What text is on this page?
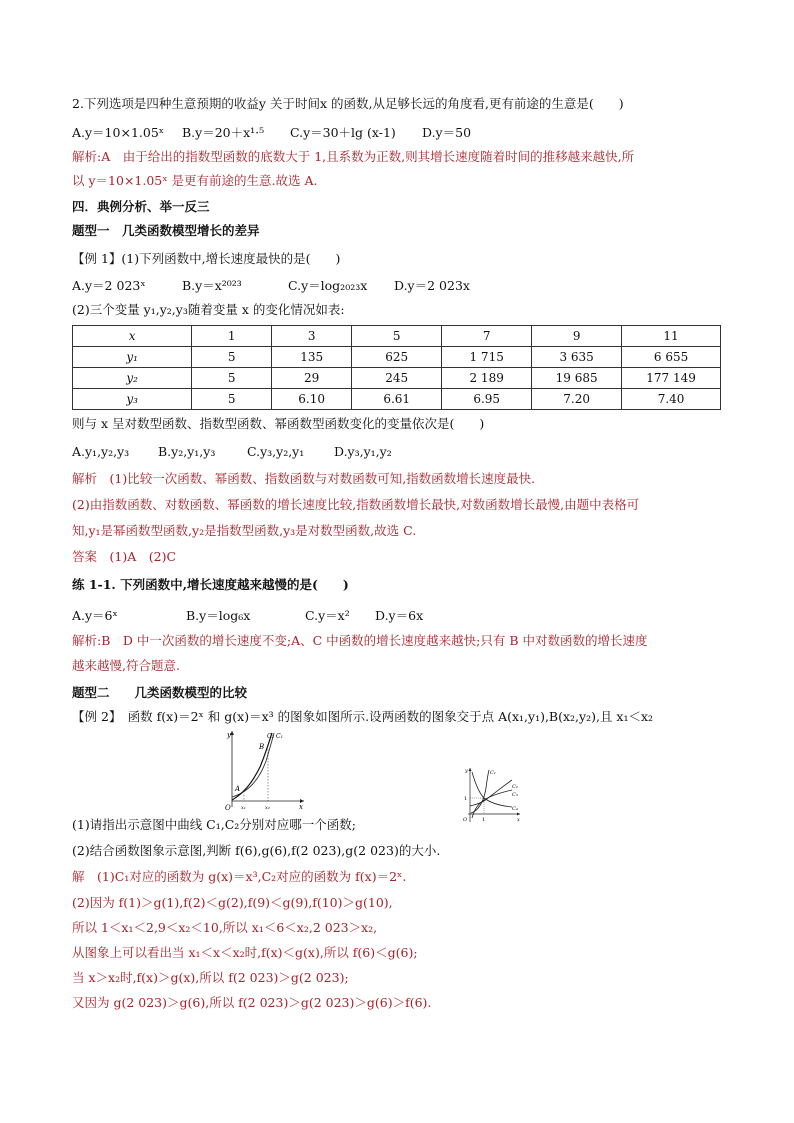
2.下列选项是四种生意预期的收益y 关于时间x 的函数,从足够长远的角度看,更有前途的生意是(　　)
A.y＝10×1.05ˣ B.y＝20＋x¹·⁵ C.y＝30＋lg (x-1) D.y＝50
解析:A　由于给出的指数型函数的底数大于 1,且系数为正数,则其增长速度随着时间的推移越来越快,所
以 y＝10×1.05ˣ 是更有前途的生意.故选 A.
四．典例分析、举一反三
题型一　几类函数模型增长的差异
【例 1】(1)下列函数中,增长速度最快的是(　　)
A.y＝2 023ˣ	B.y＝x²⁰²³	C.y＝log₂₀₂₃x D.y＝2 023x
(2)三个变量 y₁,y₂,y₃随着变量 x 的变化情况如表:
x	1	3	5	7	9	11
y₁	5	135	625	1 715	3 635	6 655
y₂	5	29	245	2 189	19 685	177 149
y₃	5	6.10	6.61	6.95	7.20	7.40
则与 x 呈对数型函数、指数型函数、幂函数型函数变化的变量依次是(　　)
A.y₁,y₂,y₃ B.y₂,y₁,y₃	C.y₃,y₂,y₁ D.y₃,y₁,y₂
解析　(1)比较一次函数、幂函数、指数函数与对数函数可知,指数函数增长速度最快.
(2)由指数函数、对数函数、幂函数的增长速度比较,指数函数增长最快,对数函数增长最慢,由题中表格可
知,y₁是幂函数型函数,y₂是指数型函数,y₃是对数型函数,故选 C.
答案　(1)A　(2)C
练 1-1. 下列函数中,增长速度越来越慢的是(　　)
A.y＝6ˣ	B.y＝log₆x	C.y＝x² D.y＝6x
解析:B　D 中一次函数的增长速度不变;A、C 中函数的增长速度越来越快;只有 B 中对数函数的增长速度
越来越慢,符合题意.
题型二　　几类函数模型的比较
【例 2】　函数 f(x)＝2ˣ 和 g(x)＝x³ 的图象如图所示.设两函数的图象交于点 A(x₁,y₁),B(x₂,y₂),且 x₁＜x₂
y
x
O
A
B
C₂ C₁
x₁	x₂
y
x
O	1
1
C₁
C₂
C₃
C₄
(1)请指出示意图中曲线 C₁,C₂分别对应哪一个函数;
(2)结合函数图象示意图,判断 f(6),g(6),f(2 023),g(2 023)的大小.
解　(1)C₁对应的函数为 g(x)＝x³,C₂对应的函数为 f(x)＝2ˣ.
(2)因为 f(1)＞g(1),f(2)＜g(2),f(9)＜g(9),f(10)＞g(10),
所以 1＜x₁＜2,9＜x₂＜10,所以 x₁＜6＜x₂,2 023＞x₂,
从图象上可以看出当 x₁＜x＜x₂时,f(x)＜g(x),所以 f(6)＜g(6);
当 x＞x₂时,f(x)＞g(x),所以 f(2 023)＞g(2 023);
又因为 g(2 023)＞g(6),所以 f(2 023)＞g(2 023)＞g(6)＞f(6).
